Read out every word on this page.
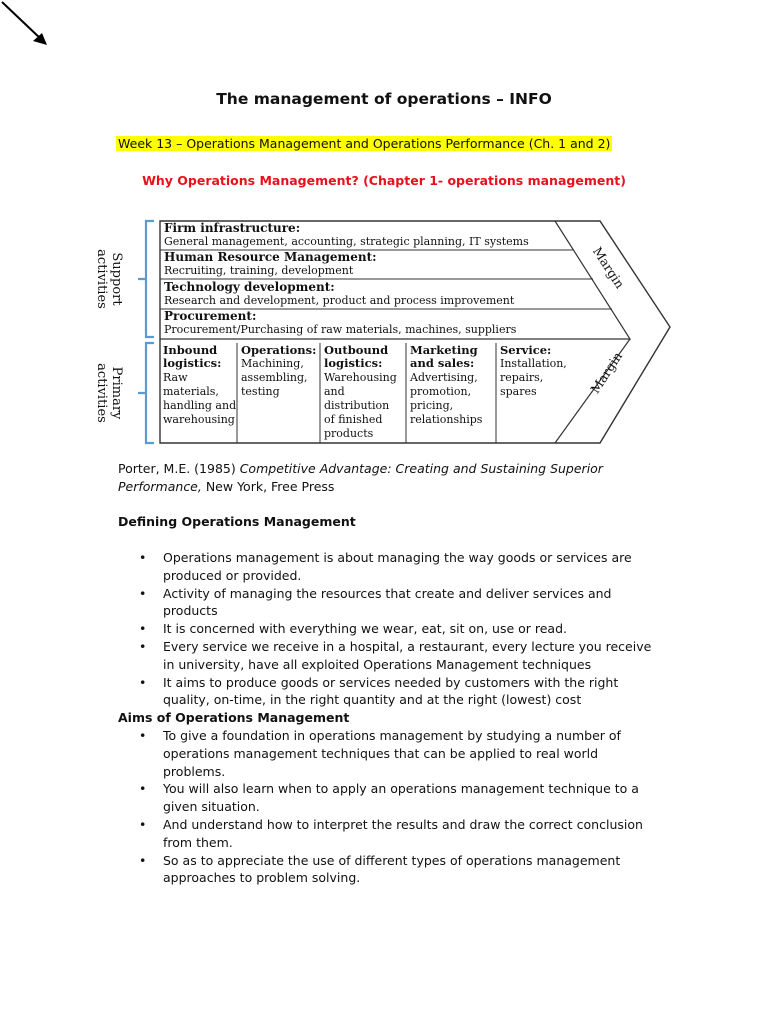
The management of operations – INFO
Week 13 – Operations Management and Operations Performance (Ch. 1 and 2)
Why Operations Management? (Chapter 1- operations management)
Support
activities
Primary
activities
Firm infrastructure:
General management, accounting, strategic planning, IT systems
Human Resource Management:
Recruiting, training, development
Technology development:
Research and development, product and process improvement
Procurement:
Procurement/Purchasing of raw materials, machines, suppliers
Inbound
logistics:
Raw
materials,
handling and
warehousing
Operations:
Machining,
assembling,
testing
Outbound
logistics:
Warehousing
and
distribution
of finished
products
Marketing
and sales:
Advertising,
promotion,
pricing,
relationships
Service:
Installation,
repairs,
spares
Margin
Margin
Porter, M.E. (1985) Competitive Advantage: Creating and Sustaining Superior Performance, New York, Free Press
Defining Operations Management
• Operations management is about managing the way goods or services are produced or provided.
• Activity of managing the resources that create and deliver services and products
• It is concerned with everything we wear, eat, sit on, use or read.
• Every service we receive in a hospital, a restaurant, every lecture you receive in university, have all exploited Operations Management techniques
• It aims to produce goods or services needed by customers with the right quality, on-time, in the right quantity and at the right (lowest) cost
Aims of Operations Management
• To give a foundation in operations management by studying a number of operations management techniques that can be applied to real world problems.
• You will also learn when to apply an operations management technique to a given situation.
• And understand how to interpret the results and draw the correct conclusion from them.
• So as to appreciate the use of different types of operations management approaches to problem solving.
